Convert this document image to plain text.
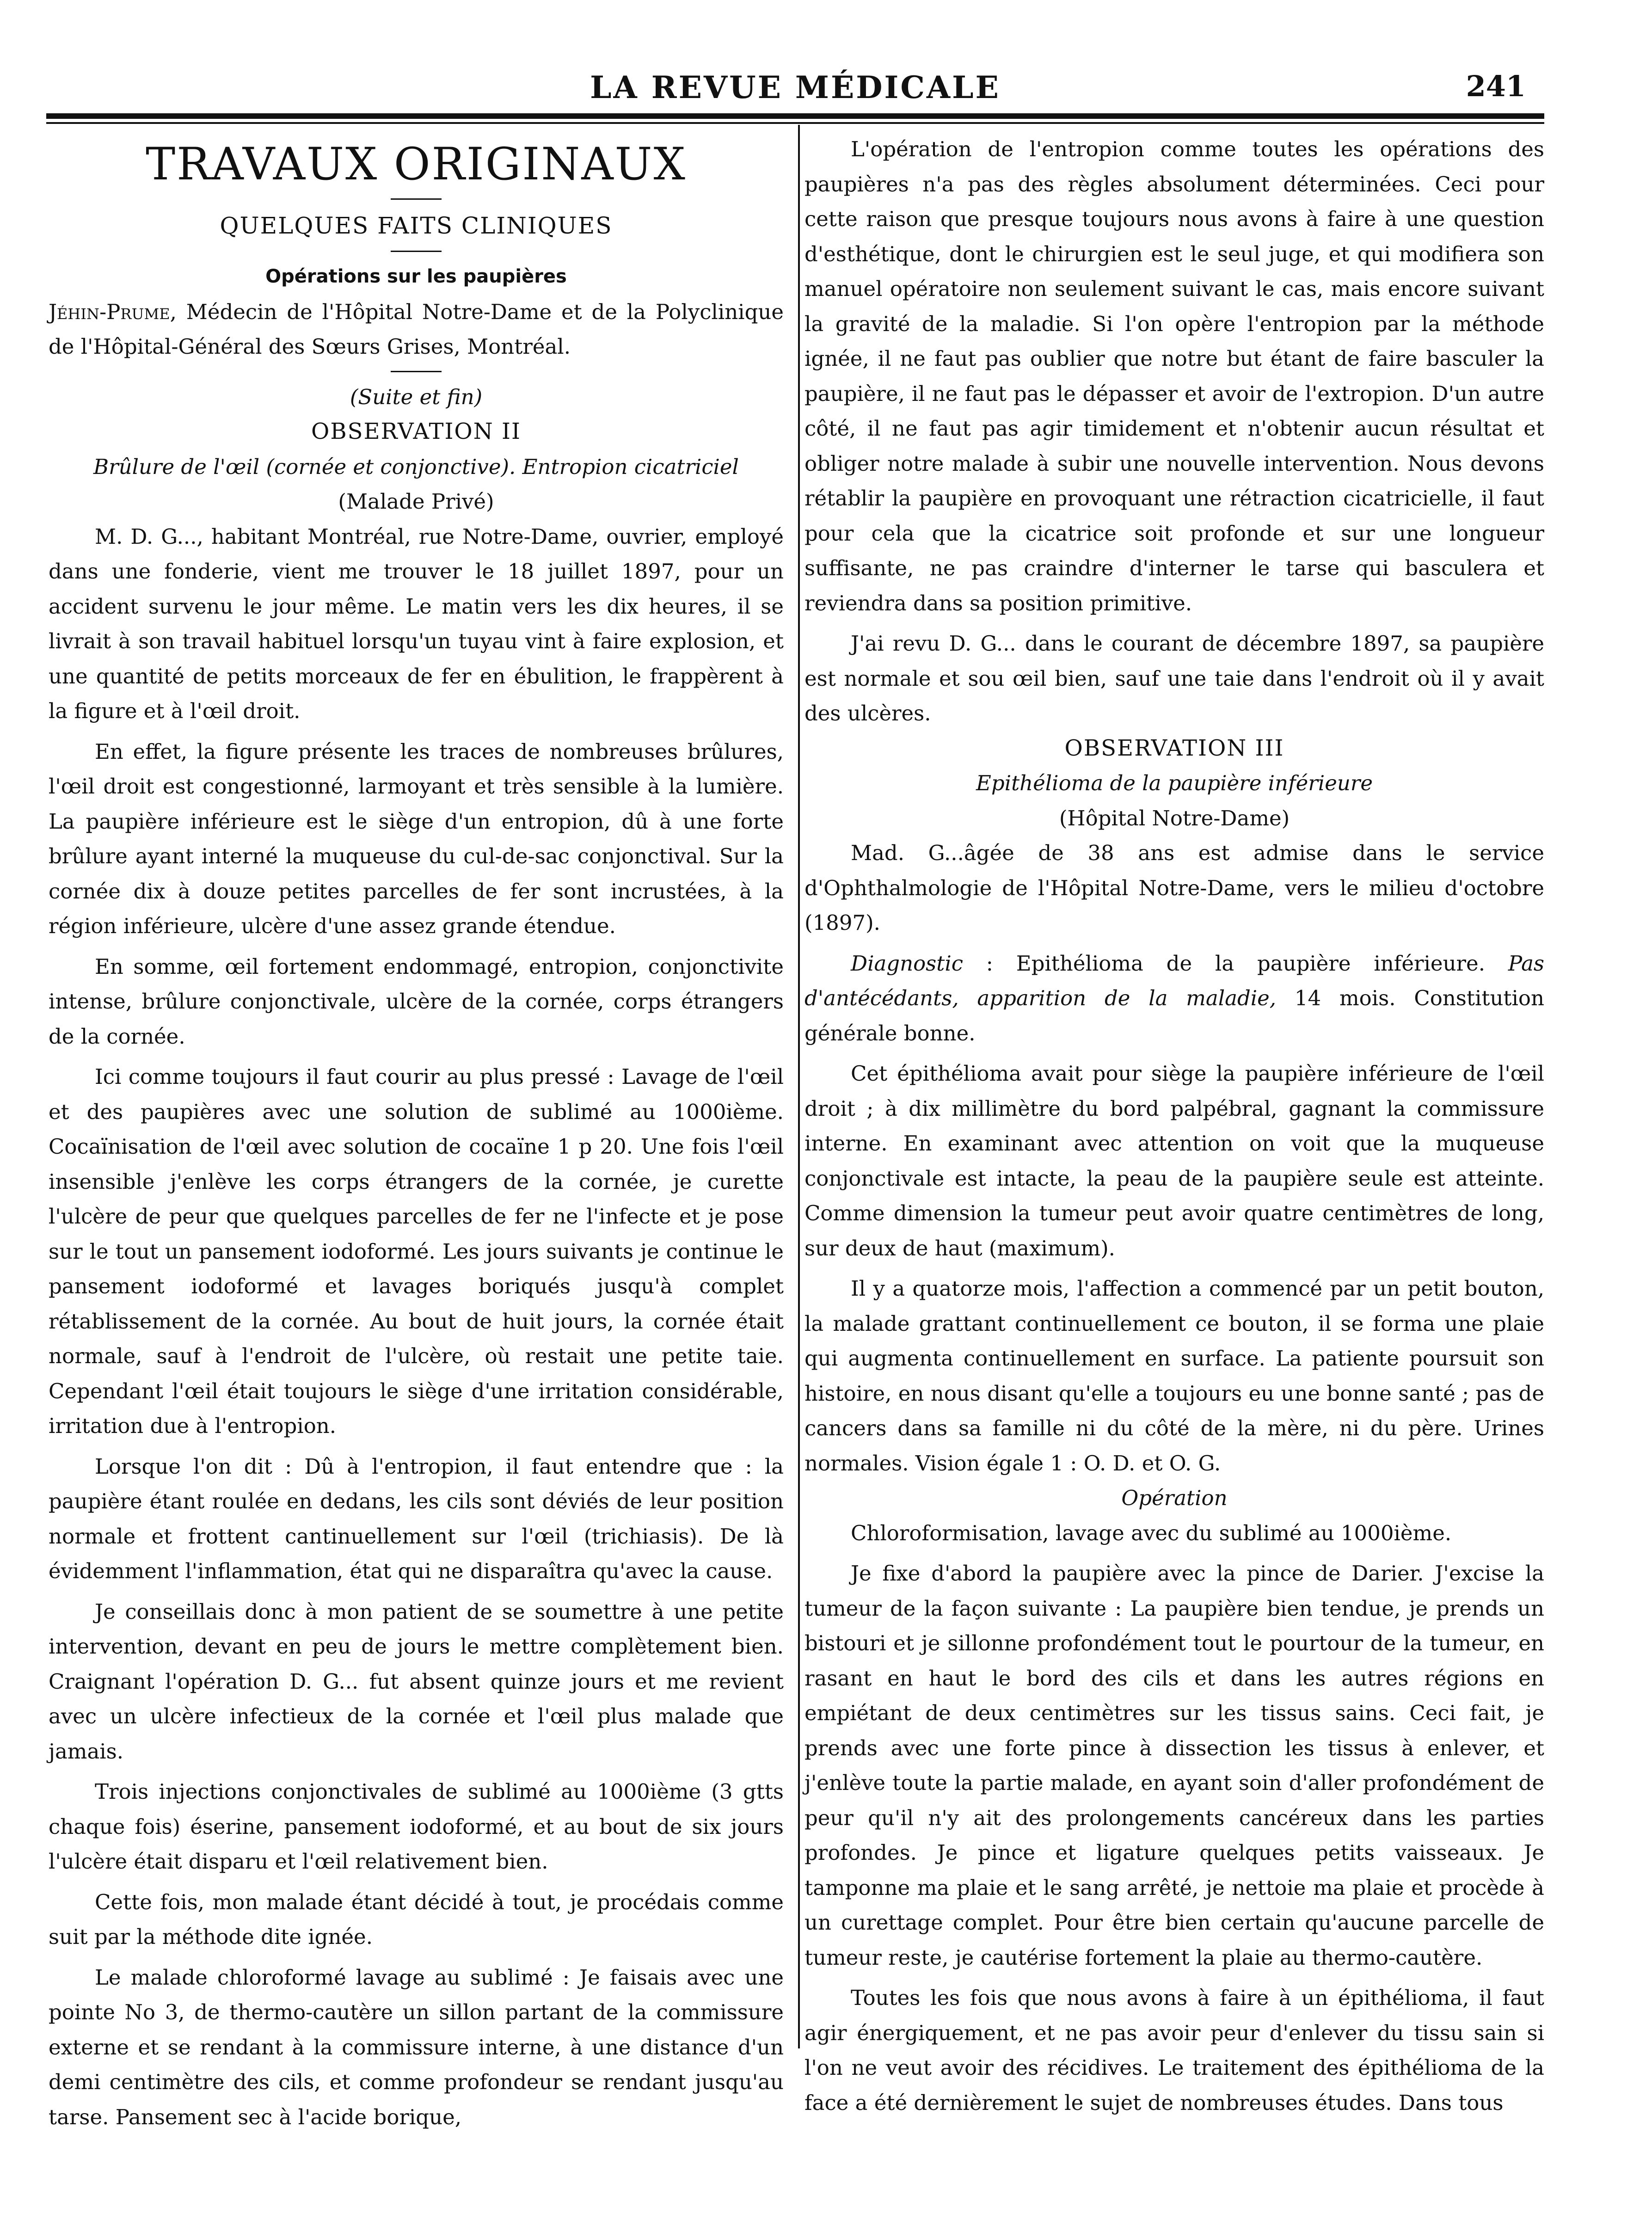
LA REVUE MÉDICALE	241
TRAVAUX ORIGINAUX
QUELQUES FAITS CLINIQUES
Opérations sur les paupières

Jéhin-Prume, Médecin de l'Hôpital Notre-Dame et de la Polyclinique de l'Hôpital-Général des Sœurs Grises, Montréal.

(Suite et fin)
OBSERVATION II
Brûlure de l'œil (cornée et conjonctive). Entropion cicatriciel
(Malade Privé)

M. D. G..., habitant Montréal, rue Notre-Dame, ouvrier, employé dans une fonderie, vient me trouver le 18 juillet 1897, pour un accident survenu le jour même. Le matin vers les dix heures, il se livrait à son travail habituel lorsqu'un tuyau vint à faire explosion, et une quantité de petits morceaux de fer en ébulition, le frappèrent à la figure et à l'œil droit.

En effet, la figure présente les traces de nombreuses brûlures, l'œil droit est congestionné, larmoyant et très sensible à la lumière. La paupière inférieure est le siège d'un entropion, dû à une forte brûlure ayant interné la muqueuse du cul-de-sac conjonctival. Sur la cornée dix à douze petites parcelles de fer sont incrustées, à la région inférieure, ulcère d'une assez grande étendue.

En somme, œil fortement endommagé, entropion, conjonctivite intense, brûlure conjonctivale, ulcère de la cornée, corps étrangers de la cornée.

Ici comme toujours il faut courir au plus pressé : Lavage de l'œil et des paupières avec une solution de sublimé au 1000ième. Cocaïnisation de l'œil avec solution de cocaïne 1 p 20. Une fois l'œil insensible j'enlève les corps étrangers de la cornée, je curette l'ulcère de peur que quelques parcelles de fer ne l'infecte et je pose sur le tout un pansement iodoformé. Les jours suivants je continue le pansement iodoformé et lavages boriqués jusqu'à complet rétablissement de la cornée. Au bout de huit jours, la cornée était normale, sauf à l'endroit de l'ulcère, où restait une petite taie. Cependant l'œil était toujours le siège d'une irritation considérable, irritation due à l'entropion.

Lorsque l'on dit : Dû à l'entropion, il faut entendre que : la paupière étant roulée en dedans, les cils sont déviés de leur position normale et frottent cantinuellement sur l'œil (trichiasis). De là évidemment l'inflammation, état qui ne disparaîtra qu'avec la cause.

Je conseillais donc à mon patient de se soumettre à une petite intervention, devant en peu de jours le mettre complètement bien. Craignant l'opération D. G... fut absent quinze jours et me revient avec un ulcère infectieux de la cornée et l'œil plus malade que jamais.

Trois injections conjonctivales de sublimé au 1000ième (3 gtts chaque fois) éserine, pansement iodoformé, et au bout de six jours l'ulcère était disparu et l'œil relativement bien.

Cette fois, mon malade étant décidé à tout, je procédais comme suit par la méthode dite ignée.

Le malade chloroformé lavage au sublimé : Je faisais avec une pointe No 3, de thermo-cautère un sillon partant de la commissure externe et se rendant à la commissure interne, à une distance d'un demi centimètre des cils, et comme profondeur se rendant jusqu'au tarse. Pansement sec à l'acide borique,

L'opération de l'entropion comme toutes les opérations des paupières n'a pas des règles absolument déterminées. Ceci pour cette raison que presque toujours nous avons à faire à une question d'esthétique, dont le chirurgien est le seul juge, et qui modifiera son manuel opératoire non seulement suivant le cas, mais encore suivant la gravité de la maladie. Si l'on opère l'entropion par la méthode ignée, il ne faut pas oublier que notre but étant de faire basculer la paupière, il ne faut pas le dépasser et avoir de l'extropion. D'un autre côté, il ne faut pas agir timidement et n'obtenir aucun résultat et obliger notre malade à subir une nouvelle intervention. Nous devons rétablir la paupière en provoquant une rétraction cicatricielle, il faut pour cela que la cicatrice soit profonde et sur une longueur suffisante, ne pas craindre d'interner le tarse qui basculera et reviendra dans sa position primitive.

J'ai revu D. G... dans le courant de décembre 1897, sa paupière est normale et sou œil bien, sauf une taie dans l'endroit où il y avait des ulcères.

OBSERVATION III
Epithélioma de la paupière inférieure
(Hôpital Notre-Dame)

Mad. G...âgée de 38 ans est admise dans le service d'Ophthalmologie de l'Hôpital Notre-Dame, vers le milieu d'octobre (1897).

Diagnostic : Epithélioma de la paupière inférieure. Pas d'antécédants, apparition de la maladie, 14 mois. Constitution générale bonne.

Cet épithélioma avait pour siège la paupière inférieure de l'œil droit ; à dix millimètre du bord palpébral, gagnant la commissure interne. En examinant avec attention on voit que la muqueuse conjonctivale est intacte, la peau de la paupière seule est atteinte. Comme dimension la tumeur peut avoir quatre centimètres de long, sur deux de haut (maximum).

Il y a quatorze mois, l'affection a commencé par un petit bouton, la malade grattant continuellement ce bouton, il se forma une plaie qui augmenta continuellement en surface. La patiente poursuit son histoire, en nous disant qu'elle a toujours eu une bonne santé ; pas de cancers dans sa famille ni du côté de la mère, ni du père. Urines normales. Vision égale 1 : O. D. et O. G.

Opération

Chloroformisation, lavage avec du sublimé au 1000ième.

Je fixe d'abord la paupière avec la pince de Darier. J'excise la tumeur de la façon suivante : La paupière bien tendue, je prends un bistouri et je sillonne profondément tout le pourtour de la tumeur, en rasant en haut le bord des cils et dans les autres régions en empiétant de deux centimètres sur les tissus sains. Ceci fait, je prends avec une forte pince à dissection les tissus à enlever, et j'enlève toute la partie malade, en ayant soin d'aller profondément de peur qu'il n'y ait des prolongements cancéreux dans les parties profondes. Je pince et ligature quelques petits vaisseaux. Je tamponne ma plaie et le sang arrêté, je nettoie ma plaie et procède à un curettage complet. Pour être bien certain qu'aucune parcelle de tumeur reste, je cautérise fortement la plaie au thermo-cautère.

Toutes les fois que nous avons à faire à un épithélioma, il faut agir énergiquement, et ne pas avoir peur d'enlever du tissu sain si l'on ne veut avoir des récidives. Le traitement des épithélioma de la face a été dernièrement le sujet de nombreuses études. Dans tous
